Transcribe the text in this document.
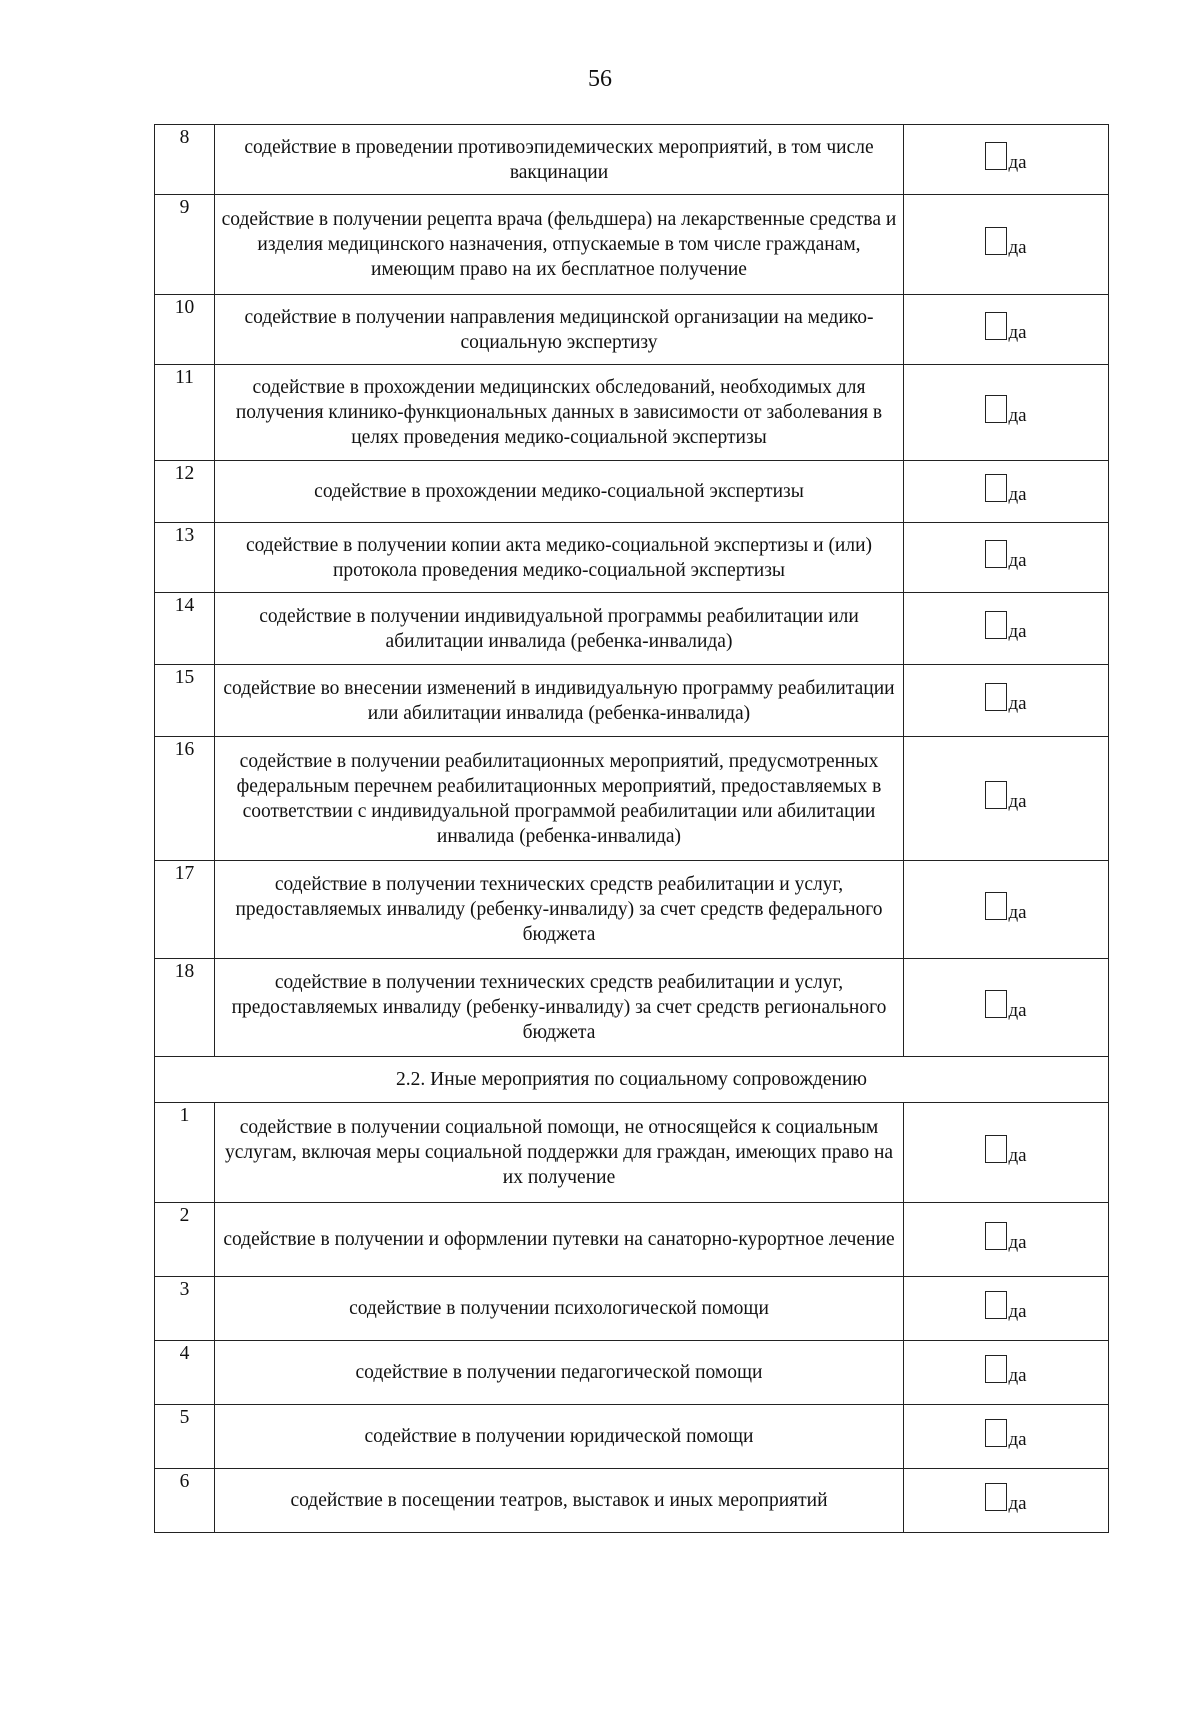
56
8	содействие в проведении противоэпидемических мероприятий, в том числе вакцинации	да

9	содействие в получении рецепта врача (фельдшера) на лекарственные средства и изделия медицинского назначения, отпускаемые в том числе гражданам, имеющим право на их бесплатное получение	да

10	содействие в получении направления медицинской организации на медико-социальную экспертизу	да

11	содействие в прохождении медицинских обследований, необходимых для получения клинико-функциональных данных в зависимости от заболевания в целях проведения медико-социальной экспертизы	да

12	содействие в прохождении медико-социальной экспертизы	да

13	содействие в получении копии акта медико-социальной экспертизы и (или) протокола проведения медико-социальной экспертизы	да

14	содействие в получении индивидуальной программы реабилитации или абилитации инвалида (ребенка-инвалида)	да

15	содействие во внесении изменений в индивидуальную программу реабилитации или абилитации инвалида (ребенка-инвалида)	да

16	содействие в получении реабилитационных мероприятий, предусмотренных федеральным перечнем реабилитационных мероприятий, предоставляемых в соответствии с индивидуальной программой реабилитации или абилитации инвалида (ребенка-инвалида)	да

17	содействие в получении технических средств реабилитации и услуг, предоставляемых инвалиду (ребенку-инвалиду) за счет средств федерального бюджета	да

18	содействие в получении технических средств реабилитации и услуг, предоставляемых инвалиду (ребенку-инвалиду) за счет средств регионального бюджета	да

2.2. Иные мероприятия по социальному сопровождению		
1	содействие в получении социальной помощи, не относящейся к социальным услугам, включая меры социальной поддержки для граждан, имеющих право на их получение	да

2	содействие в получении и оформлении путевки на санаторно-курортное лечение	да

3	содействие в получении психологической помощи	да

4	содействие в получении педагогической помощи	да

5	содействие в получении юридической помощи	да

6	содействие в посещении театров, выставок и иных мероприятий	да
